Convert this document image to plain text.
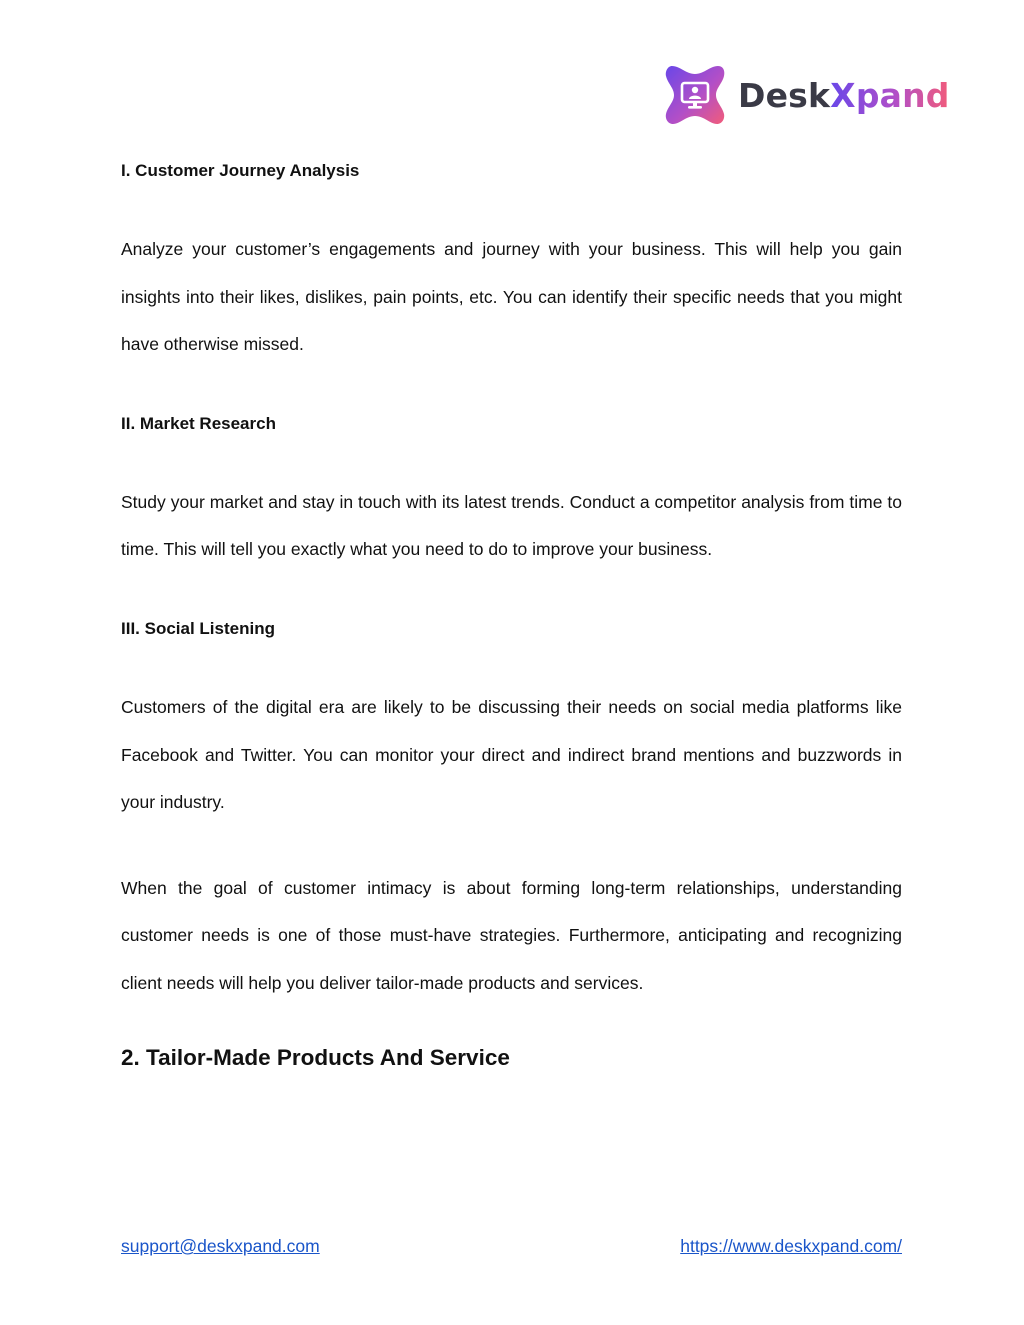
DeskXpand
I. Customer Journey Analysis

Analyze your customer’s engagements and journey with your business. This will help you gain insights into their likes, dislikes, pain points, etc. You can identify their specific needs that you might have otherwise missed.

II. Market Research

Study your market and stay in touch with its latest trends. Conduct a competitor analysis from time to time. This will tell you exactly what you need to do to improve your business.

III. Social Listening

Customers of the digital era are likely to be discussing their needs on social media platforms like Facebook and Twitter. You can monitor your direct and indirect brand mentions and buzzwords in your industry.

When the goal of customer intimacy is about forming long-term relationships, understanding customer needs is one of those must-have strategies. Furthermore, anticipating and recognizing client needs will help you deliver tailor-made products and services.

2. Tailor-Made Products And Service
support@deskxpand.com	https://www.deskxpand.com/
